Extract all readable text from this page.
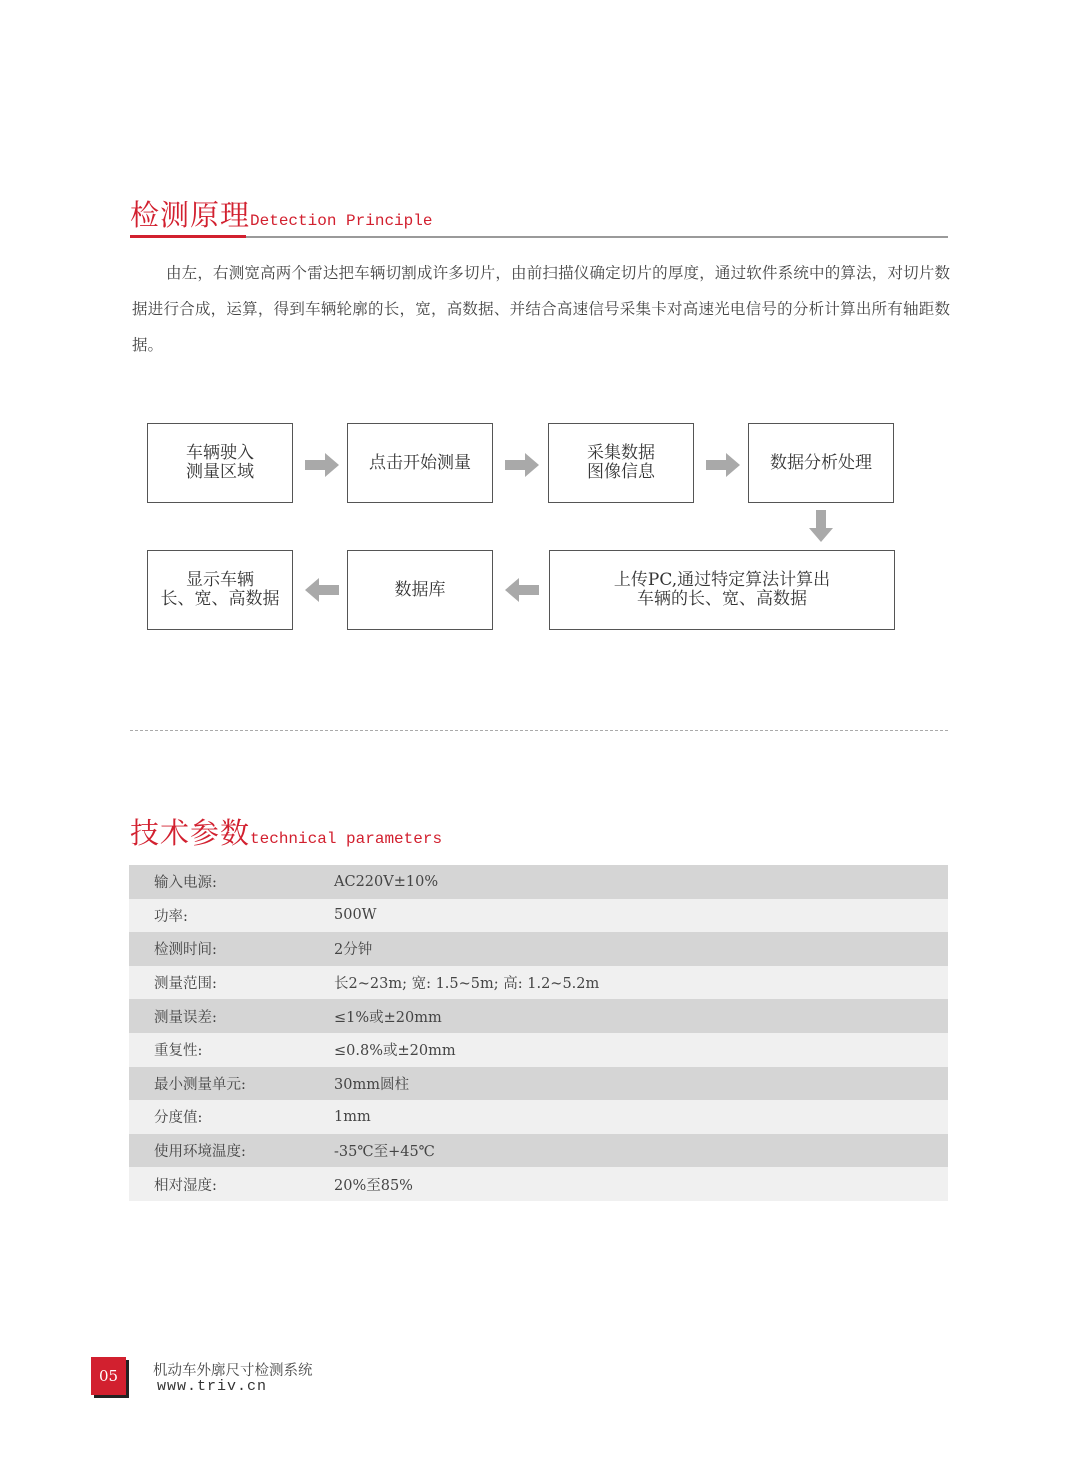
检测原理Detection Principle
由左，右测宽高两个雷达把车辆切割成许多切片，由前扫描仪确定切片的厚度，通过软件系统中的算法，对切片数据进行合成，运算，得到车辆轮廓的长，宽，高数据、并结合高速信号采集卡对高速光电信号的分析计算出所有轴距数据。
车辆驶入
测量区域	点击开始测量	采集数据
图像信息	数据分析处理
上传PC,通过特定算法计算出
车辆的长、宽、高数据
数据库
显示车辆
长、宽、高数据
技术参数technical parameters
输入电源:	AC220V±10%
功率:	500W
检测时间:	2分钟
测量范围:	长2~23m; 宽: 1.5~5m; 高: 1.2~5.2m
测量误差:	≤1%或±20mm
重复性:	≤0.8%或±20mm
最小测量单元:	30mm圆柱
分度值:	1mm
使用环境温度:	-35℃至+45℃
相对湿度:	20%至85%
05	机动车外廓尺寸检测系统
www.triv.cn
